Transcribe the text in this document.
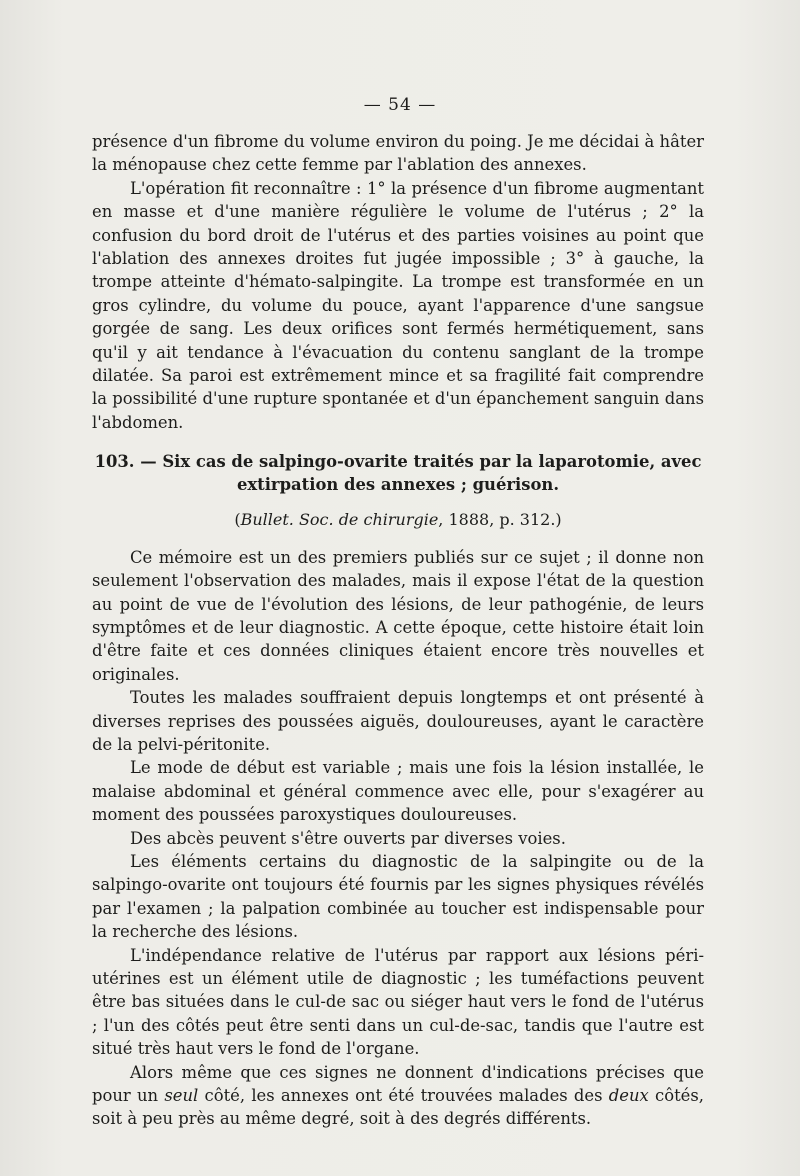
— 54 —

présence d'un fibrome du volume environ du poing. Je me décidai à hâter la ménopause chez cette femme par l'ablation des annexes.

L'opération fit reconnaître : 1° la présence d'un fibrome augmentant en masse et d'une manière régulière le volume de l'utérus ; 2° la confusion du bord droit de l'utérus et des parties voisines au point que l'ablation des annexes droites fut jugée impossible ; 3° à gauche, la trompe atteinte d'hémato-salpingite. La trompe est transformée en un gros cylindre, du volume du pouce, ayant l'apparence d'une sangsue gorgée de sang. Les deux orifices sont fermés hermétiquement, sans qu'il y ait tendance à l'évacuation du contenu sanglant de la trompe dilatée. Sa paroi est extrêmement mince et sa fragilité fait comprendre la possibilité d'une rupture spontanée et d'un épanchement sanguin dans l'abdomen.

103. — Six cas de salpingo-ovarite traités par la laparotomie, avec extirpation des annexes ; guérison.

(Bullet. Soc. de chirurgie, 1888, p. 312.)

Ce mémoire est un des premiers publiés sur ce sujet ; il donne non seulement l'observation des malades, mais il expose l'état de la question au point de vue de l'évolution des lésions, de leur pathogénie, de leurs symptômes et de leur diagnostic. A cette époque, cette histoire était loin d'être faite et ces données cliniques étaient encore très nouvelles et originales.

Toutes les malades souffraient depuis longtemps et ont présenté à diverses reprises des poussées aiguës, douloureuses, ayant le caractère de la pelvi-péritonite.

Le mode de début est variable ; mais une fois la lésion installée, le malaise abdominal et général commence avec elle, pour s'exagérer au moment des poussées paroxystiques douloureuses.

Des abcès peuvent s'être ouverts par diverses voies.

Les éléments certains du diagnostic de la salpingite ou de la salpingo-ovarite ont toujours été fournis par les signes physiques révélés par l'examen ; la palpation combinée au toucher est indispensable pour la recherche des lésions.

L'indépendance relative de l'utérus par rapport aux lésions péri-utérines est un élément utile de diagnostic ; les tuméfactions peuvent être bas situées dans le cul-de sac ou siéger haut vers le fond de l'utérus ; l'un des côtés peut être senti dans un cul-de-sac, tandis que l'autre est situé très haut vers le fond de l'organe.

Alors même que ces signes ne donnent d'indications précises que pour un seul côté, les annexes ont été trouvées malades des deux côtés, soit à peu près au même degré, soit à des degrés différents.
